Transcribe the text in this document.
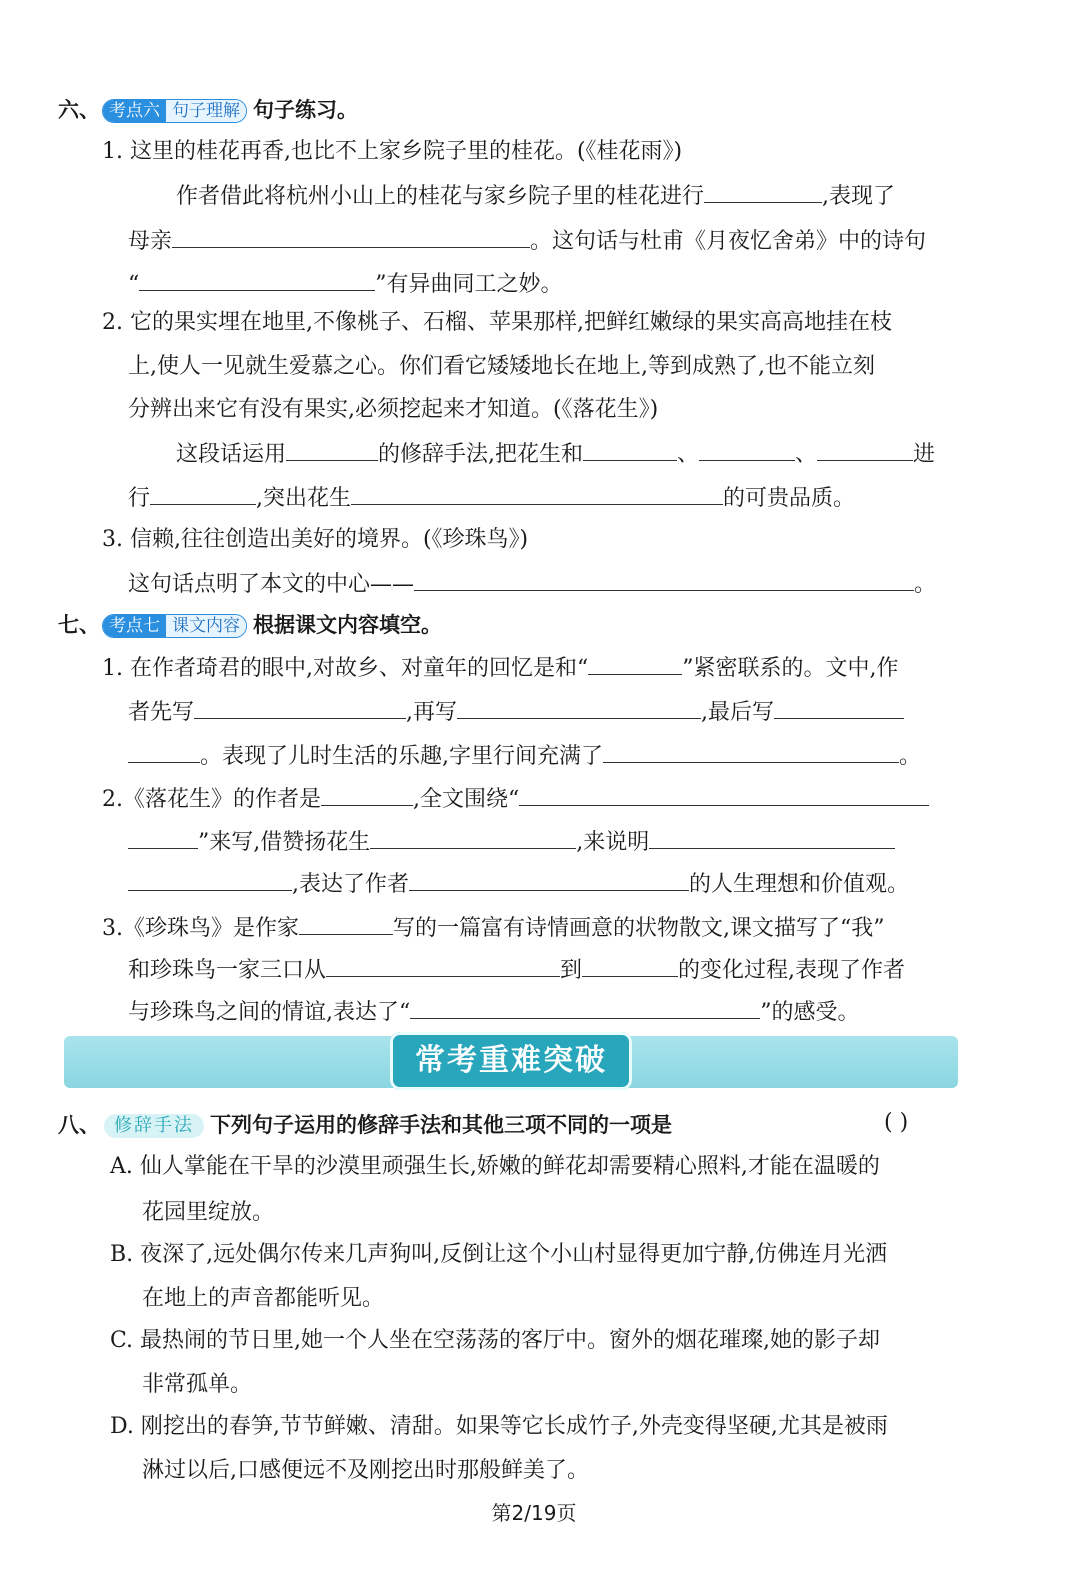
六、 考点六 句子理解 句子练习。
1. 这里的桂花再香,也比不上家乡院子里的桂花。(《桂花雨》)
作者借此将杭州小山上的桂花与家乡院子里的桂花进行	,表现了
母亲	。这句话与杜甫《月夜忆舍弟》中的诗句
“	”有异曲同工之妙。
2. 它的果实埋在地里,不像桃子、石榴、苹果那样,把鲜红嫩绿的果实高高地挂在枝
上,使人一见就生爱慕之心。你们看它矮矮地长在地上,等到成熟了,也不能立刻
分辨出来它有没有果实,必须挖起来才知道。(《落花生》)
这段话运用	的修辞手法,把花生和	、	、	进
行	,突出花生	的可贵品质。
3. 信赖,往往创造出美好的境界。(《珍珠鸟》)
这句话点明了本文的中心——	。
七、 考点七 课文内容 根据课文内容填空。
1. 在作者琦君的眼中,对故乡、对童年的回忆是和“	”紧密联系的。文中,作
者先写	,再写	,最后写
。表现了儿时生活的乐趣,字里行间充满了	。
2.《落花生》的作者是	,全文围绕“
”来写,借赞扬花生	,来说明
,表达了作者	的人生理想和价值观。
3.《珍珠鸟》是作家	写的一篇富有诗情画意的状物散文,课文描写了“我”
和珍珠鸟一家三口从	到	的变化过程,表现了作者
与珍珠鸟之间的情谊,表达了“	”的感受。
常考重难突破
八、 修辞手法 下列句子运用的修辞手法和其他三项不同的一项是	( )
A. 仙人掌能在干旱的沙漠里顽强生长,娇嫩的鲜花却需要精心照料,才能在温暖的
花园里绽放。
B. 夜深了,远处偶尔传来几声狗叫,反倒让这个小山村显得更加宁静,仿佛连月光洒
在地上的声音都能听见。
C. 最热闹的节日里,她一个人坐在空荡荡的客厅中。窗外的烟花璀璨,她的影子却
非常孤单。
D. 刚挖出的春笋,节节鲜嫩、清甜。如果等它长成竹子,外壳变得坚硬,尤其是被雨
淋过以后,口感便远不及刚挖出时那般鲜美了。
第2/19页
